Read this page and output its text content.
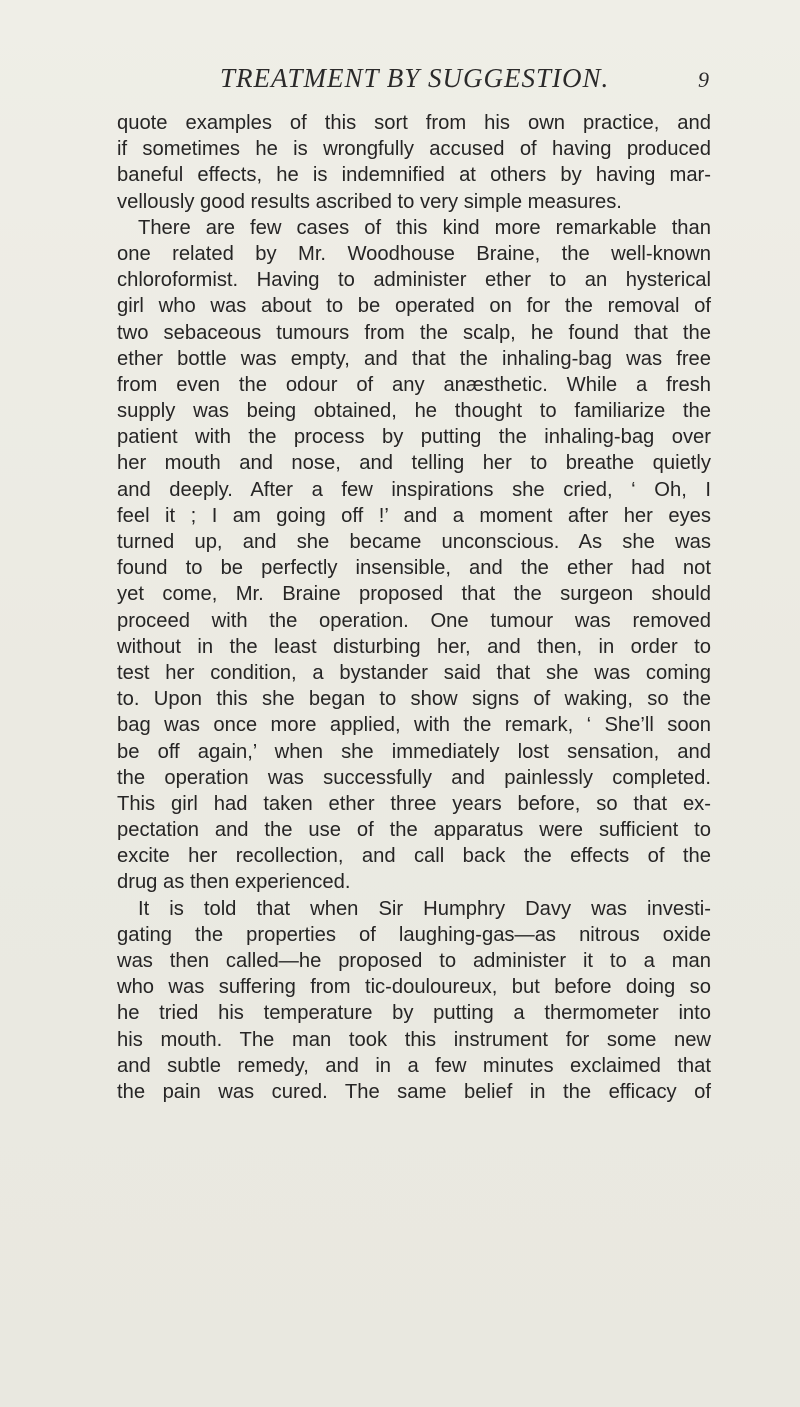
TREATMENT BY SUGGESTION.	9
quote examples of this sort from his own practice, and
if sometimes he is wrongfully accused of having produced
baneful effects, he is indemnified at others by having mar-
vellously good results ascribed to very simple measures.
There are few cases of this kind more remarkable than
one related by Mr. Woodhouse Braine, the well-known
chloroformist. Having to administer ether to an hysterical
girl who was about to be operated on for the removal of
two sebaceous tumours from the scalp, he found that the
ether bottle was empty, and that the inhaling-bag was free
from even the odour of any anæsthetic. While a fresh
supply was being obtained, he thought to familiarize the
patient with the process by putting the inhaling-bag over
her mouth and nose, and telling her to breathe quietly
and deeply. After a few inspirations she cried, ‘ Oh, I
feel it ; I am going off !’ and a moment after her eyes
turned up, and she became unconscious. As she was
found to be perfectly insensible, and the ether had not
yet come, Mr. Braine proposed that the surgeon should
proceed with the operation. One tumour was removed
without in the least disturbing her, and then, in order to
test her condition, a bystander said that she was coming
to. Upon this she began to show signs of waking, so the
bag was once more applied, with the remark, ‘ She’ll soon
be off again,’ when she immediately lost sensation, and
the operation was successfully and painlessly completed.
This girl had taken ether three years before, so that ex-
pectation and the use of the apparatus were sufficient to
excite her recollection, and call back the effects of the
drug as then experienced.
It is told that when Sir Humphry Davy was investi-
gating the properties of laughing-gas—as nitrous oxide
was then called—he proposed to administer it to a man
who was suffering from tic-douloureux, but before doing so
he tried his temperature by putting a thermometer into
his mouth. The man took this instrument for some new
and subtle remedy, and in a few minutes exclaimed that
the pain was cured. The same belief in the efficacy of
